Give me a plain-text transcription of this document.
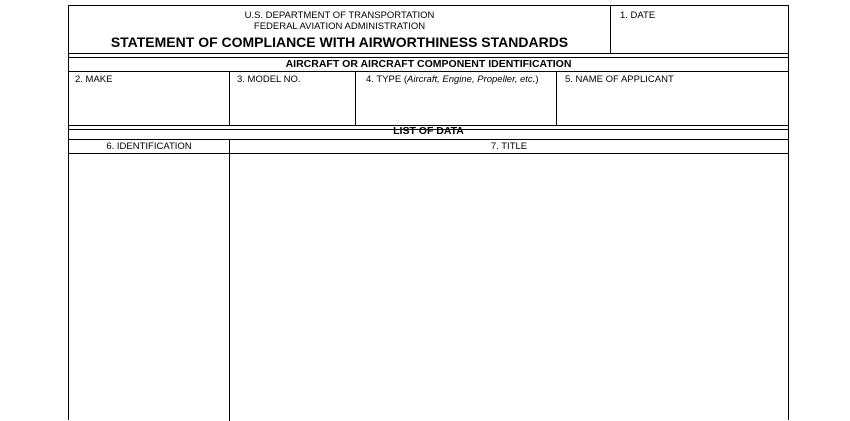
U.S. DEPARTMENT OF TRANSPORTATION
FEDERAL AVIATION ADMINISTRATION
STATEMENT OF COMPLIANCE WITH AIRWORTHINESS STANDARDS
1. DATE
AIRCRAFT OR AIRCRAFT COMPONENT IDENTIFICATION
2. MAKE	3. MODEL NO.	4. TYPE (Aircraft, Engine, Propeller, etc.)	5. NAME OF APPLICANT
LIST OF DATA
6. IDENTIFICATION	7. TITLE
